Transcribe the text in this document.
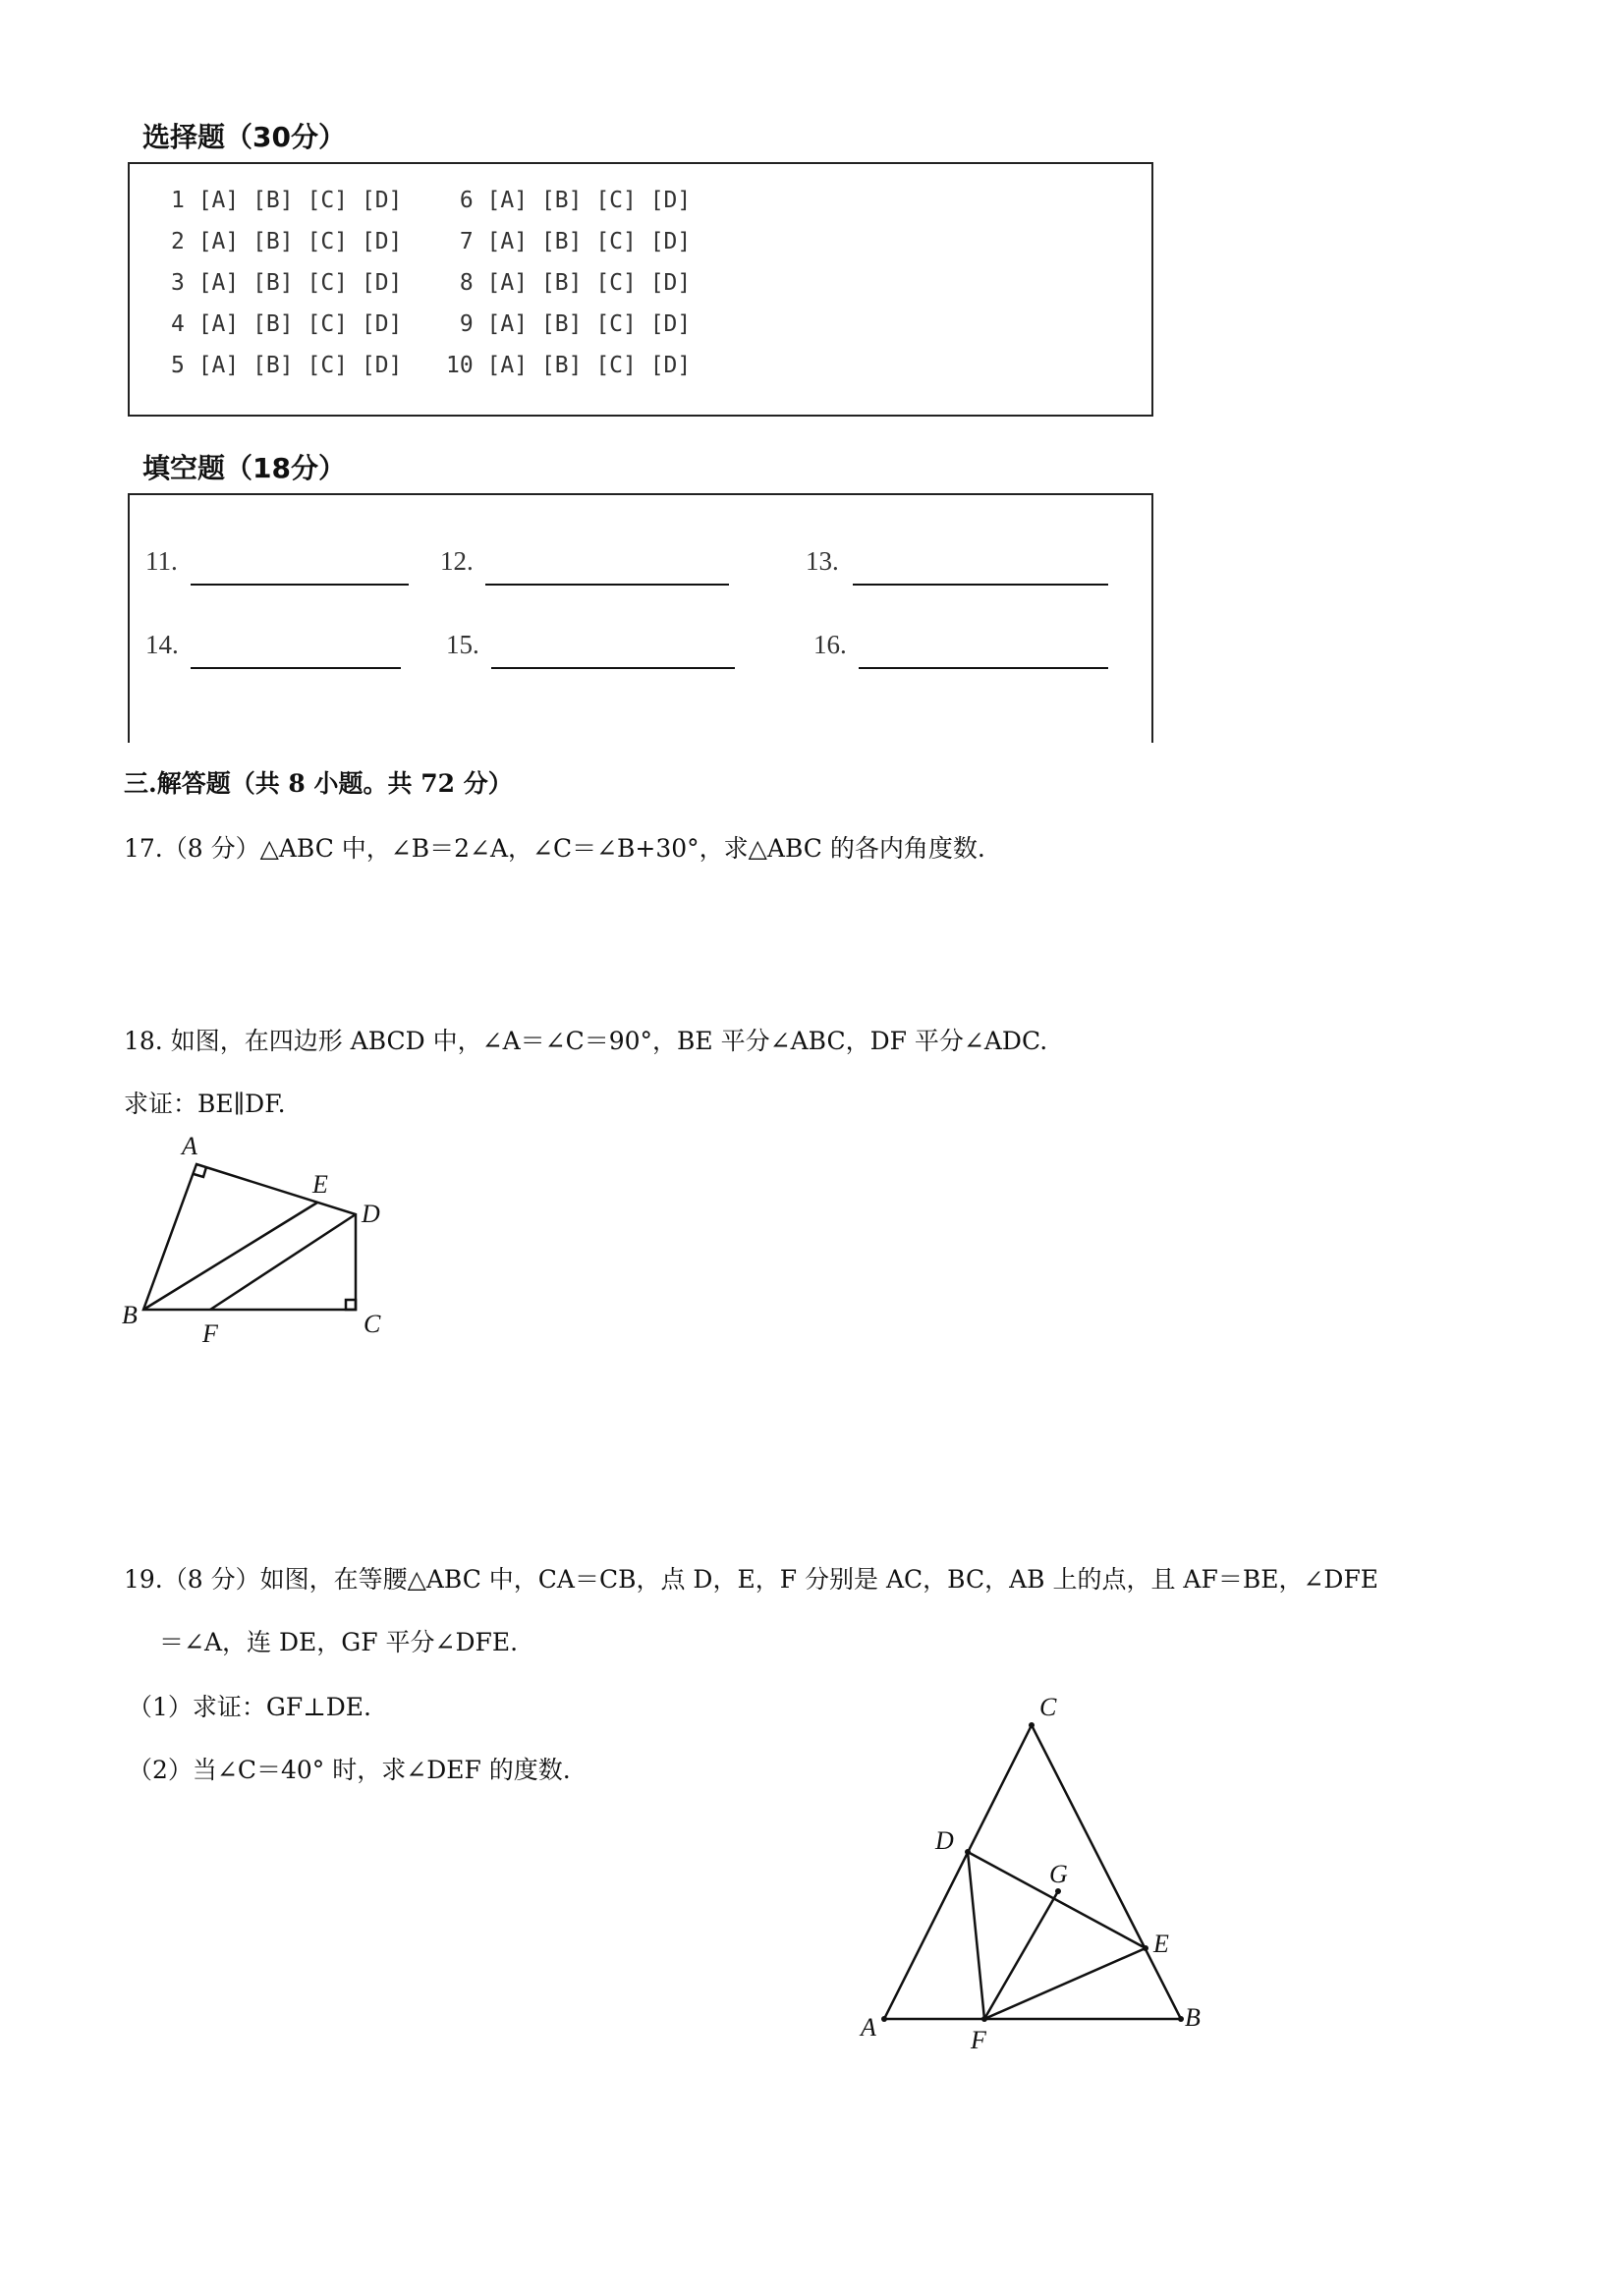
选择题（30分）
1 [A] [B] [C] [D]
2 [A] [B] [C] [D]
3 [A] [B] [C] [D]
4 [A] [B] [C] [D]
5 [A] [B] [C] [D]
6 [A] [B] [C] [D]
7 [A] [B] [C] [D]
8 [A] [B] [C] [D]
9 [A] [B] [C] [D]
10 [A] [B] [C] [D]
填空题（18分）
11.	12.	13.
14.	15.	16.
三.解答题（共 8 小题。共 72 分）
17.（8 分）△ABC 中，∠B＝2∠A，∠C＝∠B+30°，求△ABC 的各内角度数.
18. 如图，在四边形 ABCD 中，∠A＝∠C＝90°，BE 平分∠ABC，DF 平分∠ADC.
求证：BE∥DF.
A
B	C
D
E
F
19.（8 分）如图，在等腰△ABC 中，CA＝CB，点 D，E，F 分别是 AC，BC，AB 上的点，且 AF＝BE，∠DFE
＝∠A，连 DE，GF 平分∠DFE.
（1）求证：GF⊥DE.
（2）当∠C＝40° 时，求∠DEF 的度数.
A	B
C
D
E
F
G
